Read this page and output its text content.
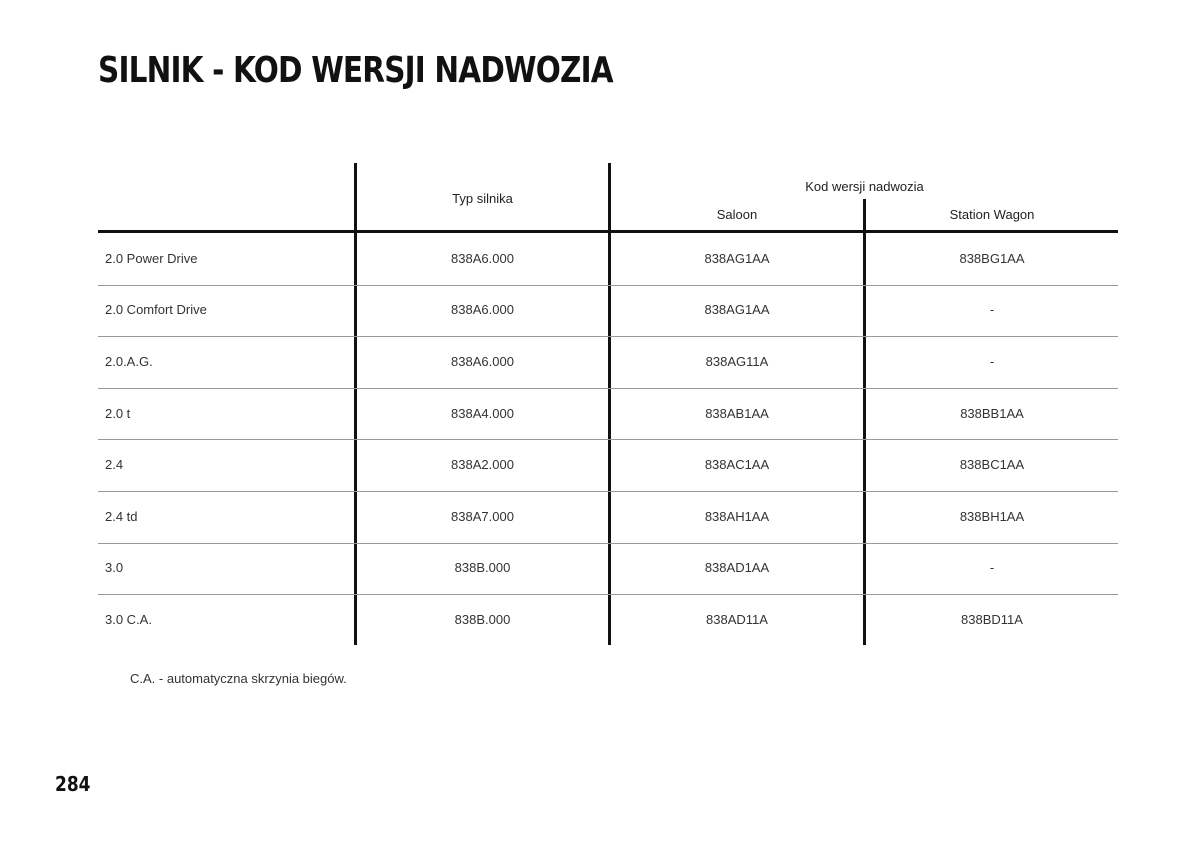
SILNIK - KOD WERSJI NADWOZIA
Typ silnika
Kod wersji nadwozia
Saloon	Station Wagon
2.0 Power Drive	838A6.000	838AG1AA	838BG1AA
2.0 Comfort Drive	838A6.000	838AG1AA	-
2.0.A.G.	838A6.000	838AG11A	-
2.0 t	838A4.000	838AB1AA	838BB1AA
2.4	838A2.000	838AC1AA	838BC1AA
2.4 td	838A7.000	838AH1AA	838BH1AA
3.0	838B.000	838AD1AA	-
3.0 C.A.	838B.000	838AD11A	838BD11A
C.A. - automatyczna skrzynia biegów.
284
